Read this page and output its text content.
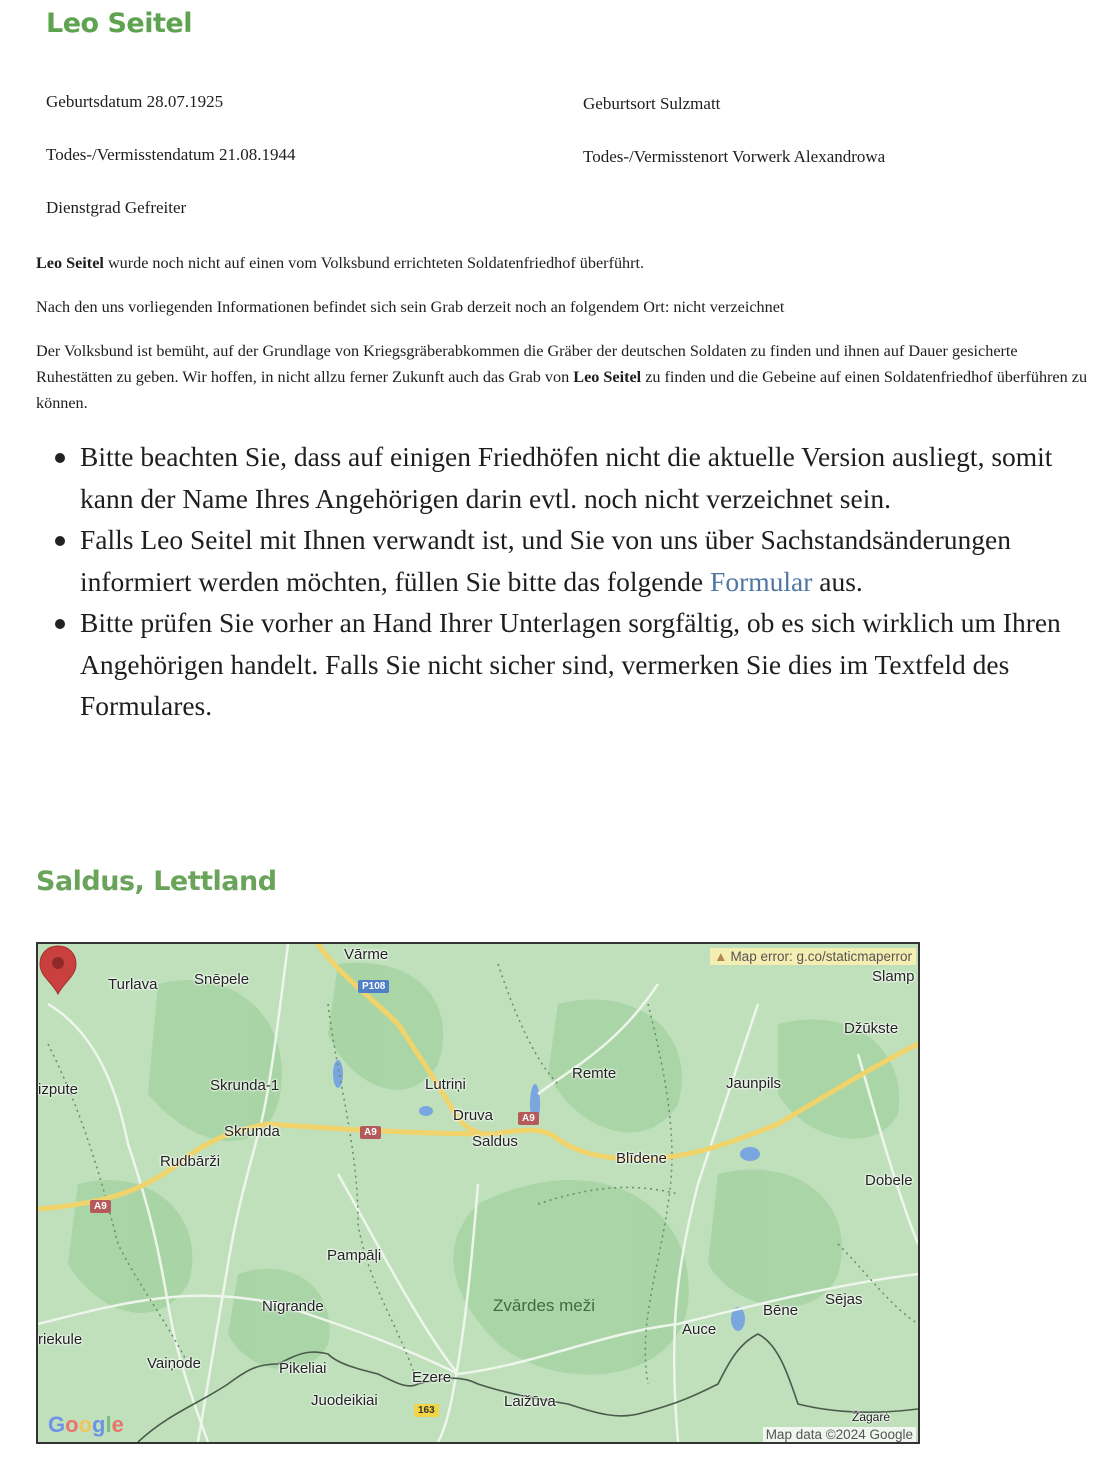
Leo Seitel
Geburtsdatum 28.07.1925	Geburtsort Sulzmatt
Todes-/Vermisstendatum 21.08.1944	Todes-/Vermisstenort Vorwerk Alexandrowa
Dienstgrad Gefreiter
Leo Seitel wurde noch nicht auf einen vom Volksbund errichteten Soldatenfriedhof überführt.
Nach den uns vorliegenden Informationen befindet sich sein Grab derzeit noch an folgendem Ort: nicht verzeichnet
Der Volksbund ist bemüht, auf der Grundlage von Kriegsgräberabkommen die Gräber der deutschen Soldaten zu finden und ihnen auf Dauer gesicherte Ruhestätten zu geben. Wir hoffen, in nicht allzu ferner Zukunft auch das Grab von Leo Seitel zu finden und die Gebeine auf einen Soldatenfriedhof überführen zu können.
Bitte beachten Sie, dass auf einigen Friedhöfen nicht die aktuelle Version ausliegt, somit kann der Name Ihres Angehörigen darin evtl. noch nicht verzeichnet sein.
Falls Leo Seitel mit Ihnen verwandt ist, und Sie von uns über Sachstandsänderungen informiert werden möchten, füllen Sie bitte das folgende Formular aus.
Bitte prüfen Sie vorher an Hand Ihrer Unterlagen sorgfältig, ob es sich wirklich um Ihren Angehörigen handelt. Falls Sie nicht sicher sind, vermerken Sie dies im Textfeld des Formulares.
Saldus, Lettland
P108
A9
A9
A9
163
Vārme
Turlava Snēpele	Slamp
Džūkste
izpute	Skrunda-1	Lutriņi
Remte
Jaunpils
Druva
Skrunda
Saldus
Rudbārži	Blīdene
Dobele
Pampāļi
Nīgrande	Zvārdes meži	Bēne
Sējas
Auce
riekule
Vaiņode	Pikeliai
Ezere
Juodeikiai	Laižūva
Žagarė
▲ Map error: g.co/staticmaperror
Google	Map data ©2024 Google
